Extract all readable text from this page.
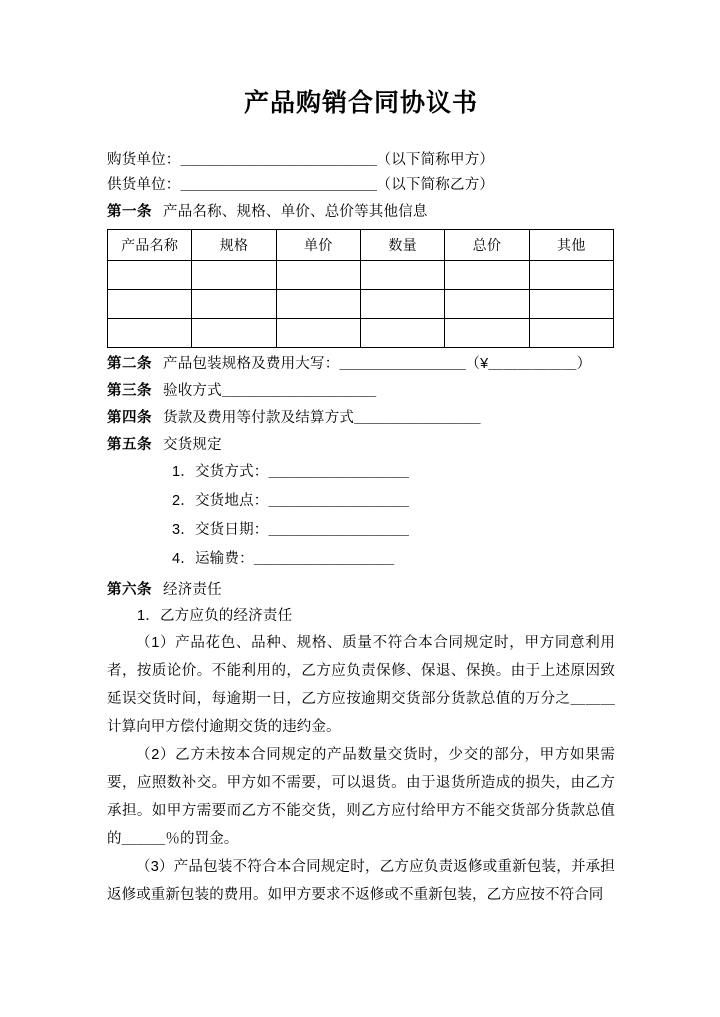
产品购销合同协议书
购货单位：＿＿＿＿＿＿＿＿＿＿＿＿＿＿（以下简称甲方）
供货单位：＿＿＿＿＿＿＿＿＿＿＿＿＿＿（以下简称乙方）
第一条 产品名称、规格、单价、总价等其他信息
产品名称	规格	单价	数量	总价	其他

第二条 产品包装规格及费用大写：＿＿＿＿＿＿＿＿＿（¥＿＿＿＿＿＿）
第三条 验收方式＿＿＿＿＿＿＿＿＿＿＿
第四条 货款及费用等付款及结算方式＿＿＿＿＿＿＿＿＿
第五条 交货规定
1．交货方式：＿＿＿＿＿＿＿＿＿＿
2．交货地点：＿＿＿＿＿＿＿＿＿＿
3．交货日期：＿＿＿＿＿＿＿＿＿＿
4．运输费：＿＿＿＿＿＿＿＿＿＿
第六条 经济责任
1．乙方应负的经济责任

（1）产品花色、品种、规格、质量不符合本合同规定时，甲方同意利用者，按质论价。不能利用的，乙方应负责保修、保退、保换。由于上述原因致延误交货时间，每逾期一日，乙方应按逾期交货部分货款总值的万分之＿＿＿计算向甲方偿付逾期交货的违约金。

（2）乙方未按本合同规定的产品数量交货时，少交的部分，甲方如果需要，应照数补交。甲方如不需要，可以退货。由于退货所造成的损失，由乙方承担。如甲方需要而乙方不能交货，则乙方应付给甲方不能交货部分货款总值的＿＿＿％的罚金。

（3）产品包装不符合本合同规定时，乙方应负责返修或重新包装，并承担返修或重新包装的费用。如甲方要求不返修或不重新包装，乙方应按不符合同
